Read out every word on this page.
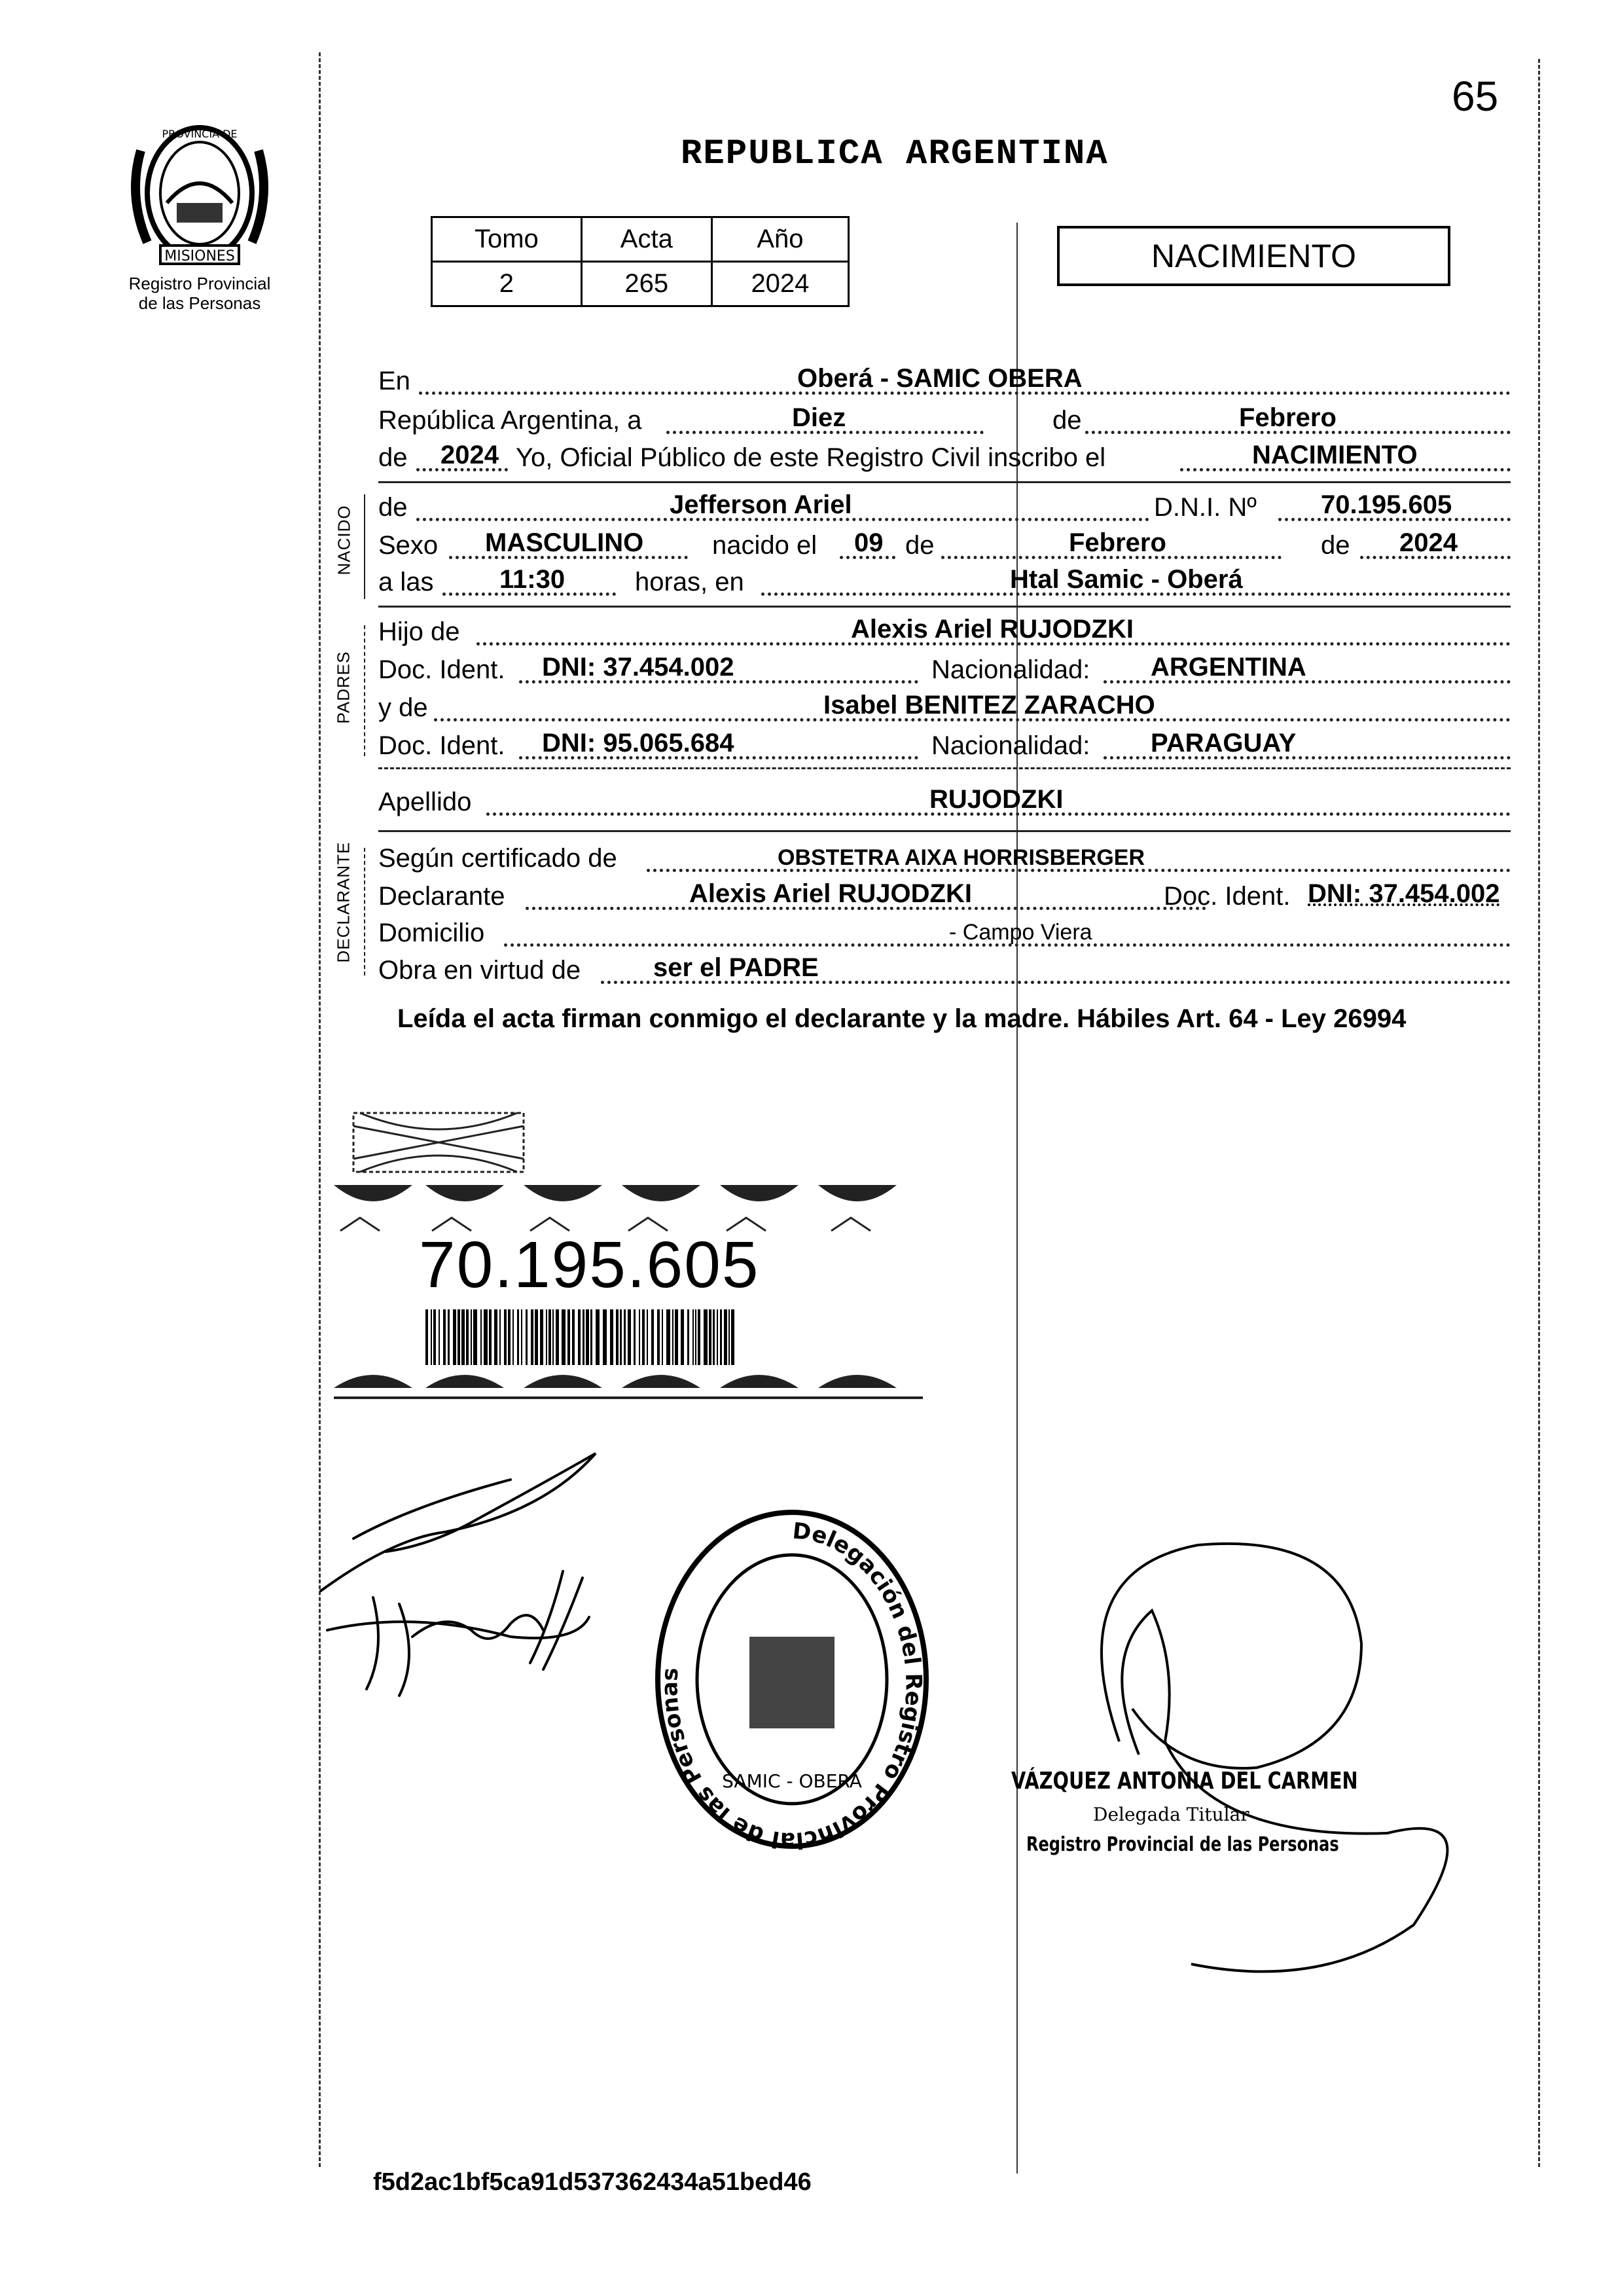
65
MISIONES
PROVINCIA DE
Registro Provincial
de las Personas
REPUBLICA ARGENTINA
Tomo	Acta	Año
2	265	2024
NACIMIENTO
NACIDO
PADRES
DECLARANTE
En	Oberá - SAMIC OBERA
República Argentina, a	Diez	de	Febrero
de 2024 Yo, Oficial Público de este Registro Civil inscribo el	NACIMIENTO
de	Jefferson Ariel	D.N.I. Nº 70.195.605
Sexo MASCULINO	nacido el 09 de	Febrero	de 2024
a las	11:30	horas, en	Htal Samic - Oberá
Hijo de	Alexis Ariel RUJODZKI
Doc. Ident. DNI: 37.454.002	Nacionalidad: ARGENTINA
y de	Isabel BENITEZ ZARACHO
Doc. Ident. DNI: 95.065.684	Nacionalidad: PARAGUAY
Apellido	RUJODZKI
Según certificado de	OBSTETRA AIXA HORRISBERGER
Declarante	Alexis Ariel RUJODZKI	Doc. Ident. DNI: 37.454.002
Domicilio	- Campo Viera
Obra en virtud de	ser el PADRE
Leída el acta firman conmigo el declarante y la madre. Hábiles Art. 64 - Ley 26994
70.195.605
Delegación del Registro Provincial de las Personas
SAMIC - OBERA	VÁZQUEZ ANTONIA DEL CARMEN
Delegada Titular
Registro Provincial de las Personas
f5d2ac1bf5ca91d537362434a51bed46
